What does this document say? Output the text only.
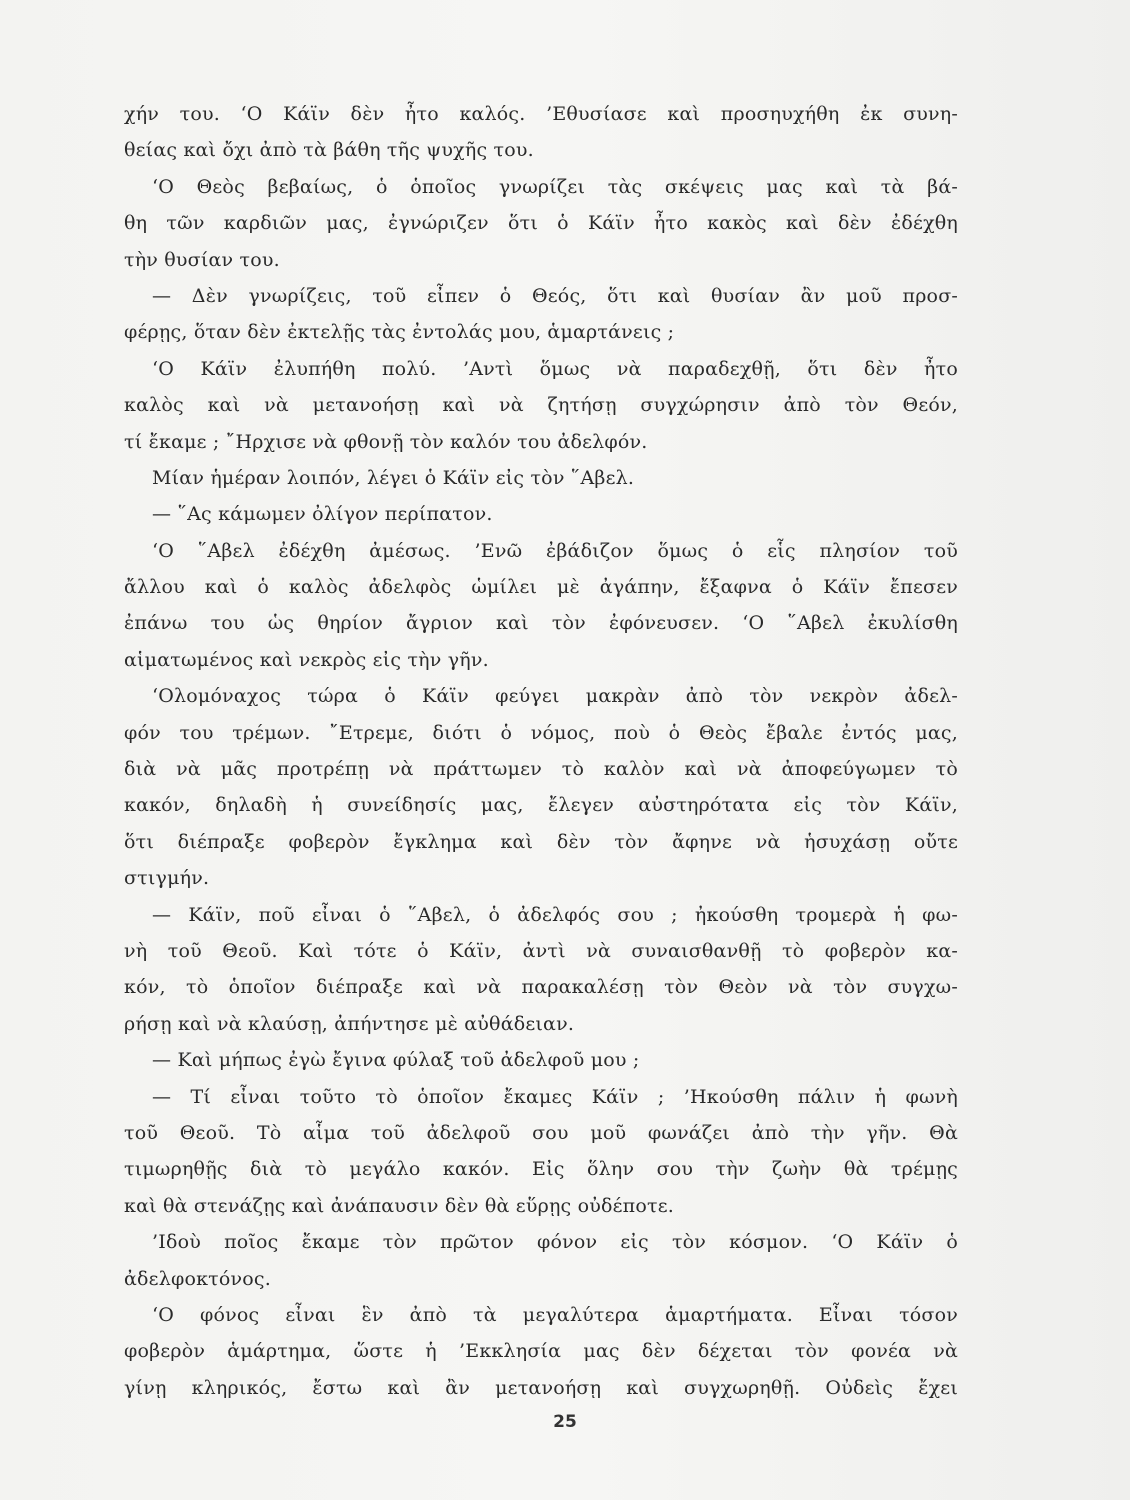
χήν του. ‘Ο Κάϊν δὲν ἦτο καλός. ’Εθυσίασε καὶ προσηυχήθη ἐκ συνη-
θείας καὶ ὄχι ἀπὸ τὰ βάθη τῆς ψυχῆς του.
‘Ο Θεὸς βεβαίως, ὁ ὁποῖος γνωρίζει τὰς σκέψεις μας καὶ τὰ βά-
θη τῶν καρδιῶν μας, ἐγνώριζεν ὅτι ὁ Κάϊν ἦτο κακὸς καὶ δὲν ἐδέχθη
τὴν θυσίαν του.
— Δὲν γνωρίζεις, τοῦ εἶπεν ὁ Θεός, ὅτι καὶ θυσίαν ἂν μοῦ προσ-
φέρῃς, ὅταν δὲν ἐκτελῇς τὰς ἐντολάς μου, ἁμαρτάνεις ;
‘Ο Κάϊν ἐλυπήθη πολύ. ’Αντὶ ὅμως νὰ παραδεχθῇ, ὅτι δὲν ἦτο
καλὸς καὶ νὰ μετανοήσῃ καὶ νὰ ζητήσῃ συγχώρησιν ἀπὸ τὸν Θεόν,
τί ἔκαμε ; ῎Ηρχισε νὰ φθονῇ τὸν καλόν του ἀδελφόν.
Μίαν ἡμέραν λοιπόν, λέγει ὁ Κάϊν εἰς τὸν ῞Αβελ.
— ῞Ας κάμωμεν ὀλίγον περίπατον.
‘Ο ῞Αβελ ἐδέχθη ἀμέσως. ’Ενῶ ἐβάδιζον ὅμως ὁ εἷς πλησίον τοῦ
ἄλλου καὶ ὁ καλὸς ἀδελφὸς ὡμίλει μὲ ἀγάπην, ἔξαφνα ὁ Κάϊν ἔπεσεν
ἐπάνω του ὡς θηρίον ἄγριον καὶ τὸν ἐφόνευσεν. ‘Ο ῞Αβελ ἐκυλίσθη
αἱματωμένος καὶ νεκρὸς εἰς τὴν γῆν.
‘Ολομόναχος τώρα ὁ Κάϊν φεύγει μακρὰν ἀπὸ τὸν νεκρὸν ἀδελ-
φόν του τρέμων. ῎Ετρεμε, διότι ὁ νόμος, ποὺ ὁ Θεὸς ἔβαλε ἐντός μας,
διὰ νὰ μᾶς προτρέπῃ νὰ πράττωμεν τὸ καλὸν καὶ νὰ ἀποφεύγωμεν τὸ
κακόν, δηλαδὴ ἡ συνείδησίς μας, ἔλεγεν αὐστηρότατα εἰς τὸν Κάϊν,
ὅτι διέπραξε φοβερὸν ἔγκλημα καὶ δὲν τὸν ἄφηνε νὰ ἡσυχάσῃ οὔτε
στιγμήν.
— Κάϊν, ποῦ εἶναι ὁ ῞Αβελ, ὁ ἀδελφός σου ; ἠκούσθη τρομερὰ ἡ φω-
νὴ τοῦ Θεοῦ. Καὶ τότε ὁ Κάϊν, ἀντὶ νὰ συναισθανθῇ τὸ φοβερὸν κα-
κόν, τὸ ὁποῖον διέπραξε καὶ νὰ παρακαλέσῃ τὸν Θεὸν νὰ τὸν συγχω-
ρήσῃ καὶ νὰ κλαύσῃ, ἀπήντησε μὲ αὐθάδειαν.
— Καὶ μήπως ἐγὼ ἔγινα φύλαξ τοῦ ἀδελφοῦ μου ;
— Τί εἶναι τοῦτο τὸ ὁποῖον ἔκαμες Κάϊν ; ’Ηκούσθη πάλιν ἡ φωνὴ
τοῦ Θεοῦ. Τὸ αἷμα τοῦ ἀδελφοῦ σου μοῦ φωνάζει ἀπὸ τὴν γῆν. Θὰ
τιμωρηθῇς διὰ τὸ μεγάλο κακόν. Εἰς ὅλην σου τὴν ζωὴν θὰ τρέμῃς
καὶ θὰ στενάζῃς καὶ ἀνάπαυσιν δὲν θὰ εὕρῃς οὐδέποτε.
’Ιδοὺ ποῖος ἔκαμε τὸν πρῶτον φόνον εἰς τὸν κόσμον. ‘Ο Κάϊν ὁ
ἀδελφοκτόνος.
‘Ο φόνος εἶναι ἓν ἀπὸ τὰ μεγαλύτερα ἁμαρτήματα. Εἶναι τόσον
φοβερὸν ἁμάρτημα, ὥστε ἡ ’Εκκλησία μας δὲν δέχεται τὸν φονέα νὰ
γίνῃ κληρικός, ἔστω καὶ ἂν μετανοήσῃ καὶ συγχωρηθῇ. Οὐδεὶς ἔχει
25
